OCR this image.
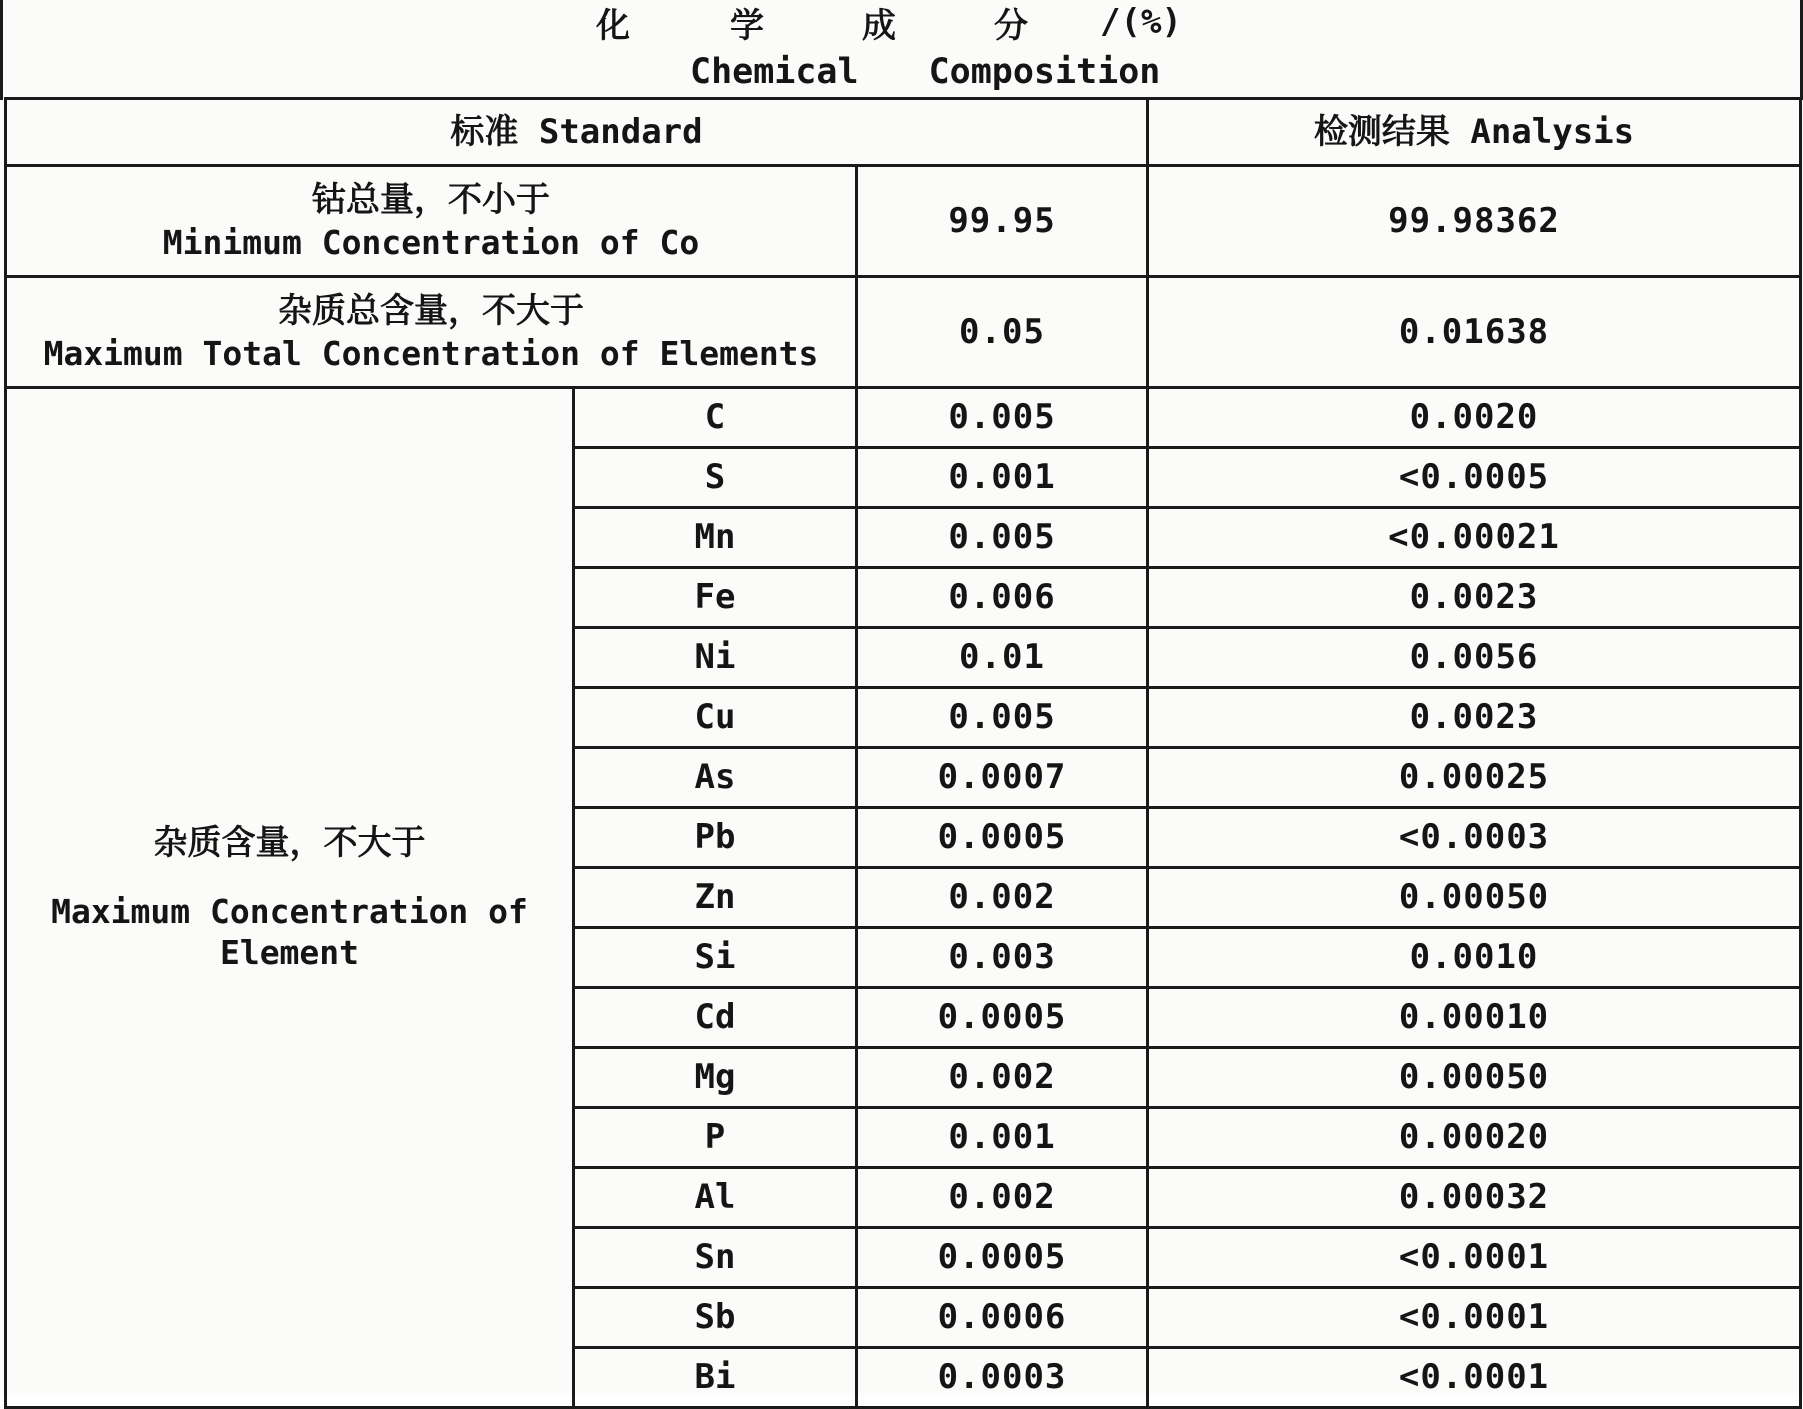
化	学	成	分 /(%)
Chemical Composition
标准 Standard			检测结果 Analysis

钴总量，不小于
Minimum Concentration of Co		99.95	99.98362

杂质总含量，不大于
Maximum Total Concentration of Elements		0.05	0.01638

杂质含量，不大于
Maximum Concentration of Element	C	0.005	0.0020
	S	0.001	<0.0005
	Mn	0.005	<0.00021
	Fe	0.006	0.0023
	Ni	0.01	0.0056
	Cu	0.005	0.0023
	As	0.0007	0.00025
	Pb	0.0005	<0.0003
	Zn	0.002	0.00050
	Si	0.003	0.0010
	Cd	0.0005	0.00010
	Mg	0.002	0.00050
	P	0.001	0.00020
	Al	0.002	0.00032
	Sn	0.0005	<0.0001
	Sb	0.0006	<0.0001
	Bi	0.0003	<0.0001
